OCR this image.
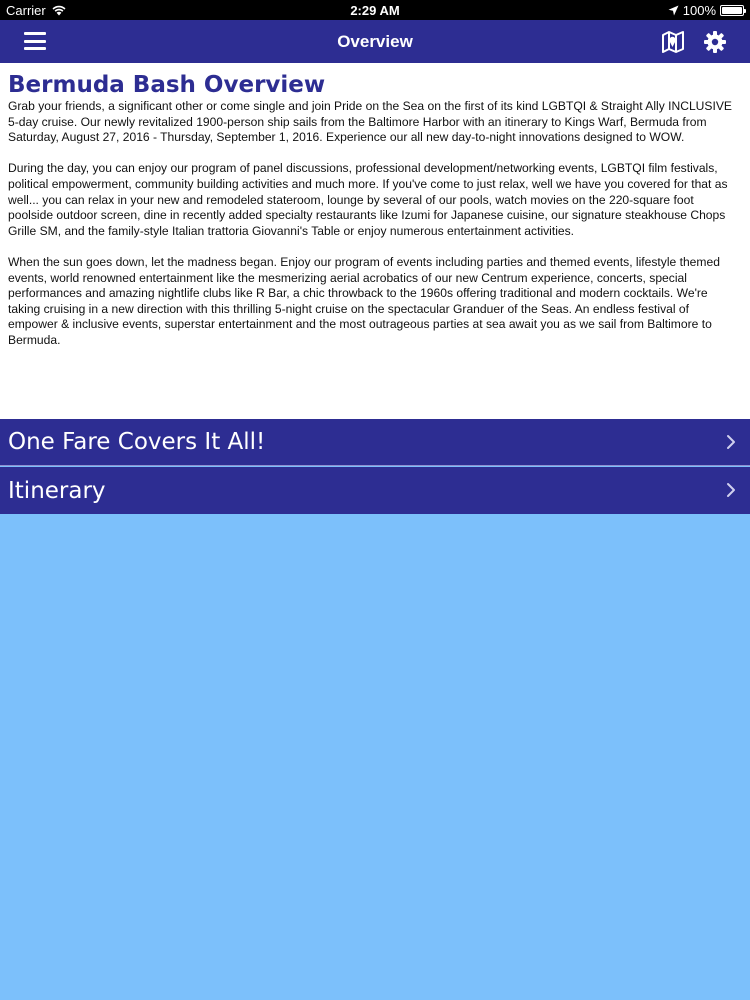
Carrier	2:29 AM	100%
Overview
Bermuda Bash Overview

Grab your friends, a significant other or come single and join Pride on the Sea on the first of its kind LGBTQI & Straight Ally INCLUSIVE 5-day cruise. Our newly revitalized 1900-person ship sails from the Baltimore Harbor with an itinerary to Kings Warf, Bermuda from Saturday, August 27, 2016 - Thursday, September 1, 2016. Experience our all new day-to-night innovations designed to WOW.

During the day, you can enjoy our program of panel discussions, professional development/networking events, LGBTQI film festivals, political empowerment, community building activities and much more. If you've come to just relax, well we have you covered for that as well... you can relax in your new and remodeled stateroom, lounge by several of our pools, watch movies on the 220-square foot poolside outdoor screen, dine in recently added specialty restaurants like Izumi for Japanese cuisine, our signature steakhouse Chops Grille SM, and the family-style Italian trattoria Giovanni's Table or enjoy numerous entertainment activities.

When the sun goes down, let the madness began. Enjoy our program of events including parties and themed events, lifestyle themed events, world renowned entertainment like the mesmerizing aerial acrobatics of our new Centrum experience, concerts, special performances and amazing nightlife clubs like R Bar, a chic throwback to the 1960s offering traditional and modern cocktails. We're taking cruising in a new direction with this thrilling 5-night cruise on the spectacular Granduer of the Seas. An endless festival of empower & inclusive events, superstar entertainment and the most outrageous parties at sea await you as we sail from Baltimore to Bermuda.

One Fare Covers It All!
Itinerary
